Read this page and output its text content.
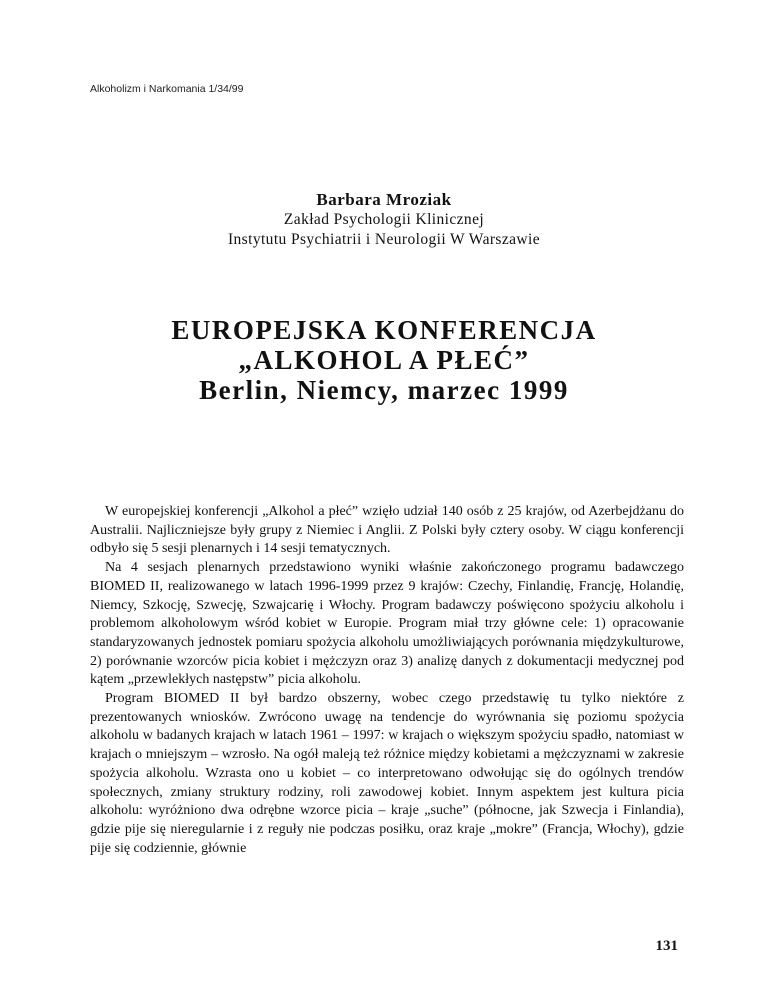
Alkoholizm i Narkomania 1/34/99
Barbara Mroziak
Zakład Psychologii Klinicznej
Instytutu Psychiatrii i Neurologii W Warszawie
EUROPEJSKA KONFERENCJA
„ALKOHOL A PŁEĆ”
Berlin, Niemcy, marzec 1999

W europejskiej konferencji „Alkohol a płeć” wzięło udział 140 osób z 25 krajów, od Azerbejdżanu do Australii. Najliczniejsze były grupy z Niemiec i Anglii. Z Polski były cztery osoby. W ciągu konferencji odbyło się 5 sesji plenarnych i 14 sesji tematycznych.

Na 4 sesjach plenarnych przedstawiono wyniki właśnie zakończonego programu badawczego BIOMED II, realizowanego w latach 1996-1999 przez 9 krajów: Czechy, Finlandię, Francję, Holandię, Niemcy, Szkocję, Szwecję, Szwajcarię i Włochy. Program badawczy poświęcono spożyciu alkoholu i problemom alkoholowym wśród kobiet w Europie. Program miał trzy główne cele: 1) opracowanie standaryzowanych jednostek pomiaru spożycia alkoholu umożliwiających porównania międzykulturowe, 2) porównanie wzorców picia kobiet i mężczyzn oraz 3) analizę danych z dokumentacji medycznej pod kątem „przewlekłych następstw” picia alkoholu.

Program BIOMED II był bardzo obszerny, wobec czego przedstawię tu tylko niektóre z prezentowanych wniosków. Zwrócono uwagę na tendencje do wyrównania się poziomu spożycia alkoholu w badanych krajach w latach 1961 – 1997: w krajach o większym spożyciu spadło, natomiast w krajach o mniejszym – wzrosło. Na ogół maleją też różnice między kobietami a mężczyznami w zakresie spożycia alkoholu. Wzrasta ono u kobiet – co interpretowano odwołując się do ogólnych trendów społecznych, zmiany struktury rodziny, roli zawodowej kobiet. Innym aspektem jest kultura picia alkoholu: wyróżniono dwa odrębne wzorce picia – kraje „suche” (północne, jak Szwecja i Finlandia), gdzie pije się nieregularnie i z reguły nie podczas posiłku, oraz kraje „mokre” (Francja, Włochy), gdzie pije się codziennie, głównie

131
